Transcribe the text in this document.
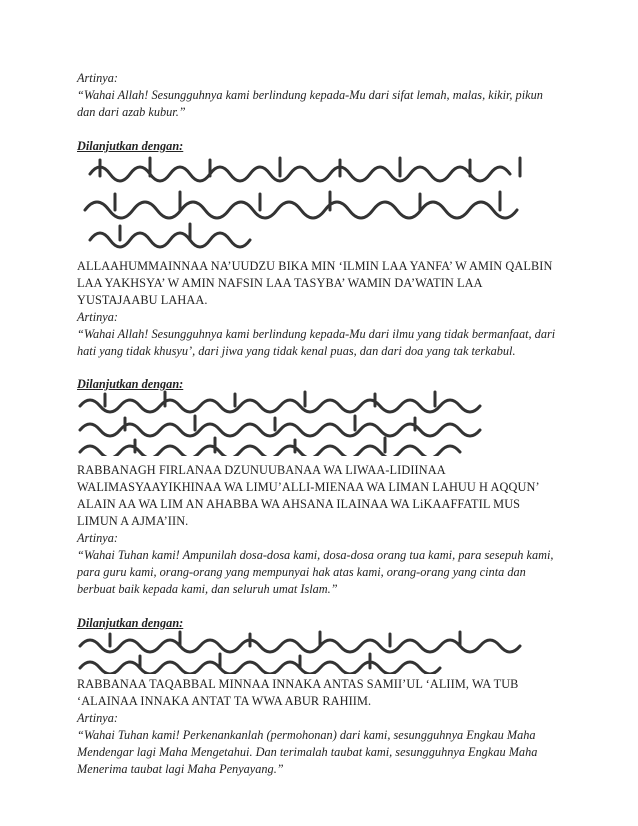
Artinya:
“Wahai Allah! Sesungguhnya kami berlindung kepada-Mu dari sifat lemah, malas, kikir, pikun
dan dari azab kubur.”
Dilanjutkan dengan:
ALLAAHUMMAINNAA NA’UUDZU BIKA MIN ‘ILMIN LAA YANFA’ W AMIN QALBIN
LAA YAKHSYA’ W AMIN NAFSIN LAA TASYBA’ WAMIN DA’WATIN LAA
YUSTAJAABU LAHAA.
Artinya:
“Wahai Allah! Sesungguhnya kami berlindung kepada-Mu dari ilmu yang tidak bermanfaat, dari
hati yang tidak khusyu’, dari jiwa yang tidak kenal puas, dan dari doa yang tak terkabul.
Dilanjutkan dengan:
RABBANAGH FIRLANAA DZUNUUBANAA WA LIWAA-LIDIINAA
WALIMASYAAYIKHINAA WA LIMU’ALLI-MIENAA WA LIMAN LAHUU H AQQUN’
ALAIN AA WA LIM AN AHABBA WA AHSANA ILAINAA WA LiKAAFFATIL MUS
LIMUN A AJMA’IIN.
Artinya:
“Wahai Tuhan kami! Ampunilah dosa-dosa kami, dosa-dosa orang tua kami, para sesepuh kami,
para guru kami, orang-orang yang mempunyai hak atas kami, orang-orang yang cinta dan
berbuat baik kepada kami, dan seluruh umat Islam.”
Dilanjutkan dengan:
RABBANAA TAQABBAL MINNAA INNAKA ANTAS SAMII’UL ‘ALIIM, WA TUB
‘ALAINAA INNAKA ANTAT TA WWA ABUR RAHIIM.
Artinya:
“Wahai Tuhan kami! Perkenankanlah (permohonan) dari kami, sesungguhnya Engkau Maha
Mendengar lagi Maha Mengetahui. Dan terimalah taubat kami, sesungguhnya Engkau Maha
Menerima taubat lagi Maha Penyayang.”
